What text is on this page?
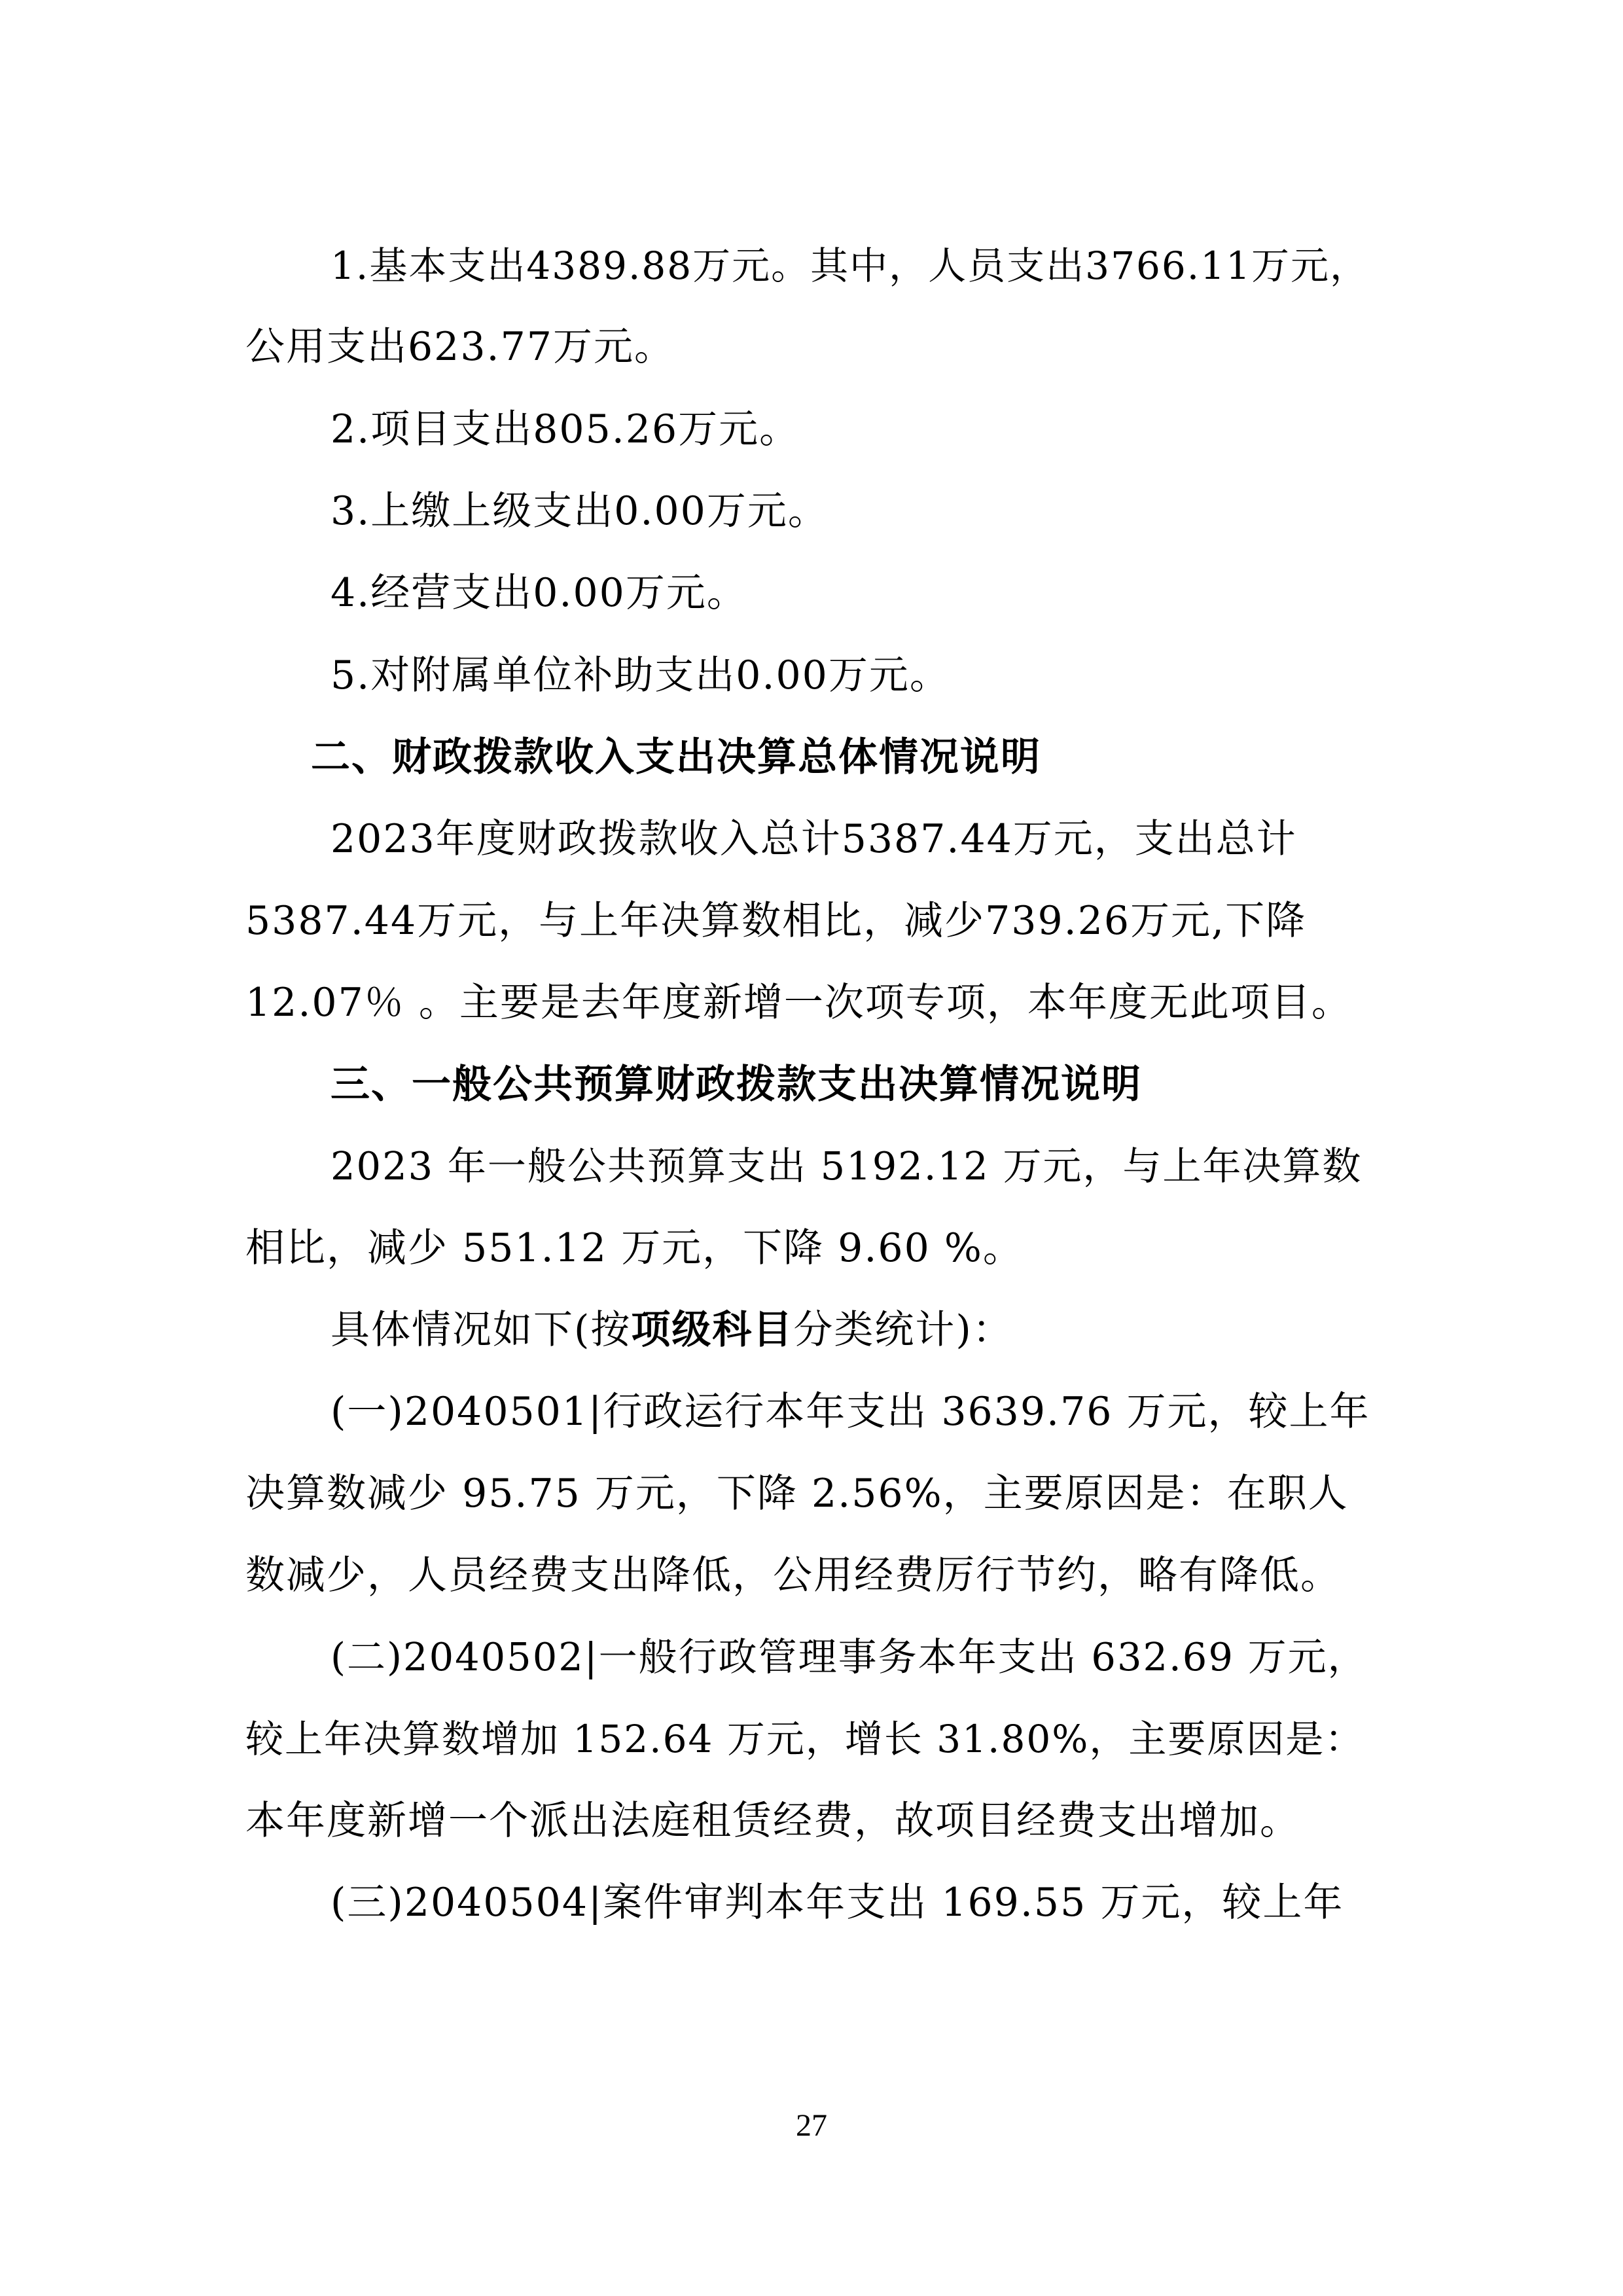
1.基本支出4389.88万元。其中，人员支出3766.11万元，
公用支出623.77万元。
2.项目支出805.26万元。
3.上缴上级支出0.00万元。
4.经营支出0.00万元。
5.对附属单位补助支出0.00万元。
二、财政拨款收入支出决算总体情况说明
2023年度财政拨款收入总计5387.44万元，支出总计
5387.44万元，与上年决算数相比，减少739.26万元,下降
12.07％ 。主要是去年度新增一次项专项，本年度无此项目。
三、一般公共预算财政拨款支出决算情况说明
2023 年一般公共预算支出 5192.12 万元，与上年决算数
相比，减少 551.12 万元，下降 9.60 %。
具体情况如下(按项级科目分类统计)：
(一)2040501|行政运行本年支出 3639.76 万元，较上年
决算数减少 95.75 万元，下降 2.56%，主要原因是：在职人
数减少，人员经费支出降低，公用经费厉行节约，略有降低。
(二)2040502|一般行政管理事务本年支出 632.69 万元，
较上年决算数增加 152.64 万元，增长 31.80%，主要原因是：
本年度新增一个派出法庭租赁经费，故项目经费支出增加。
(三)2040504|案件审判本年支出 169.55 万元，较上年
27
